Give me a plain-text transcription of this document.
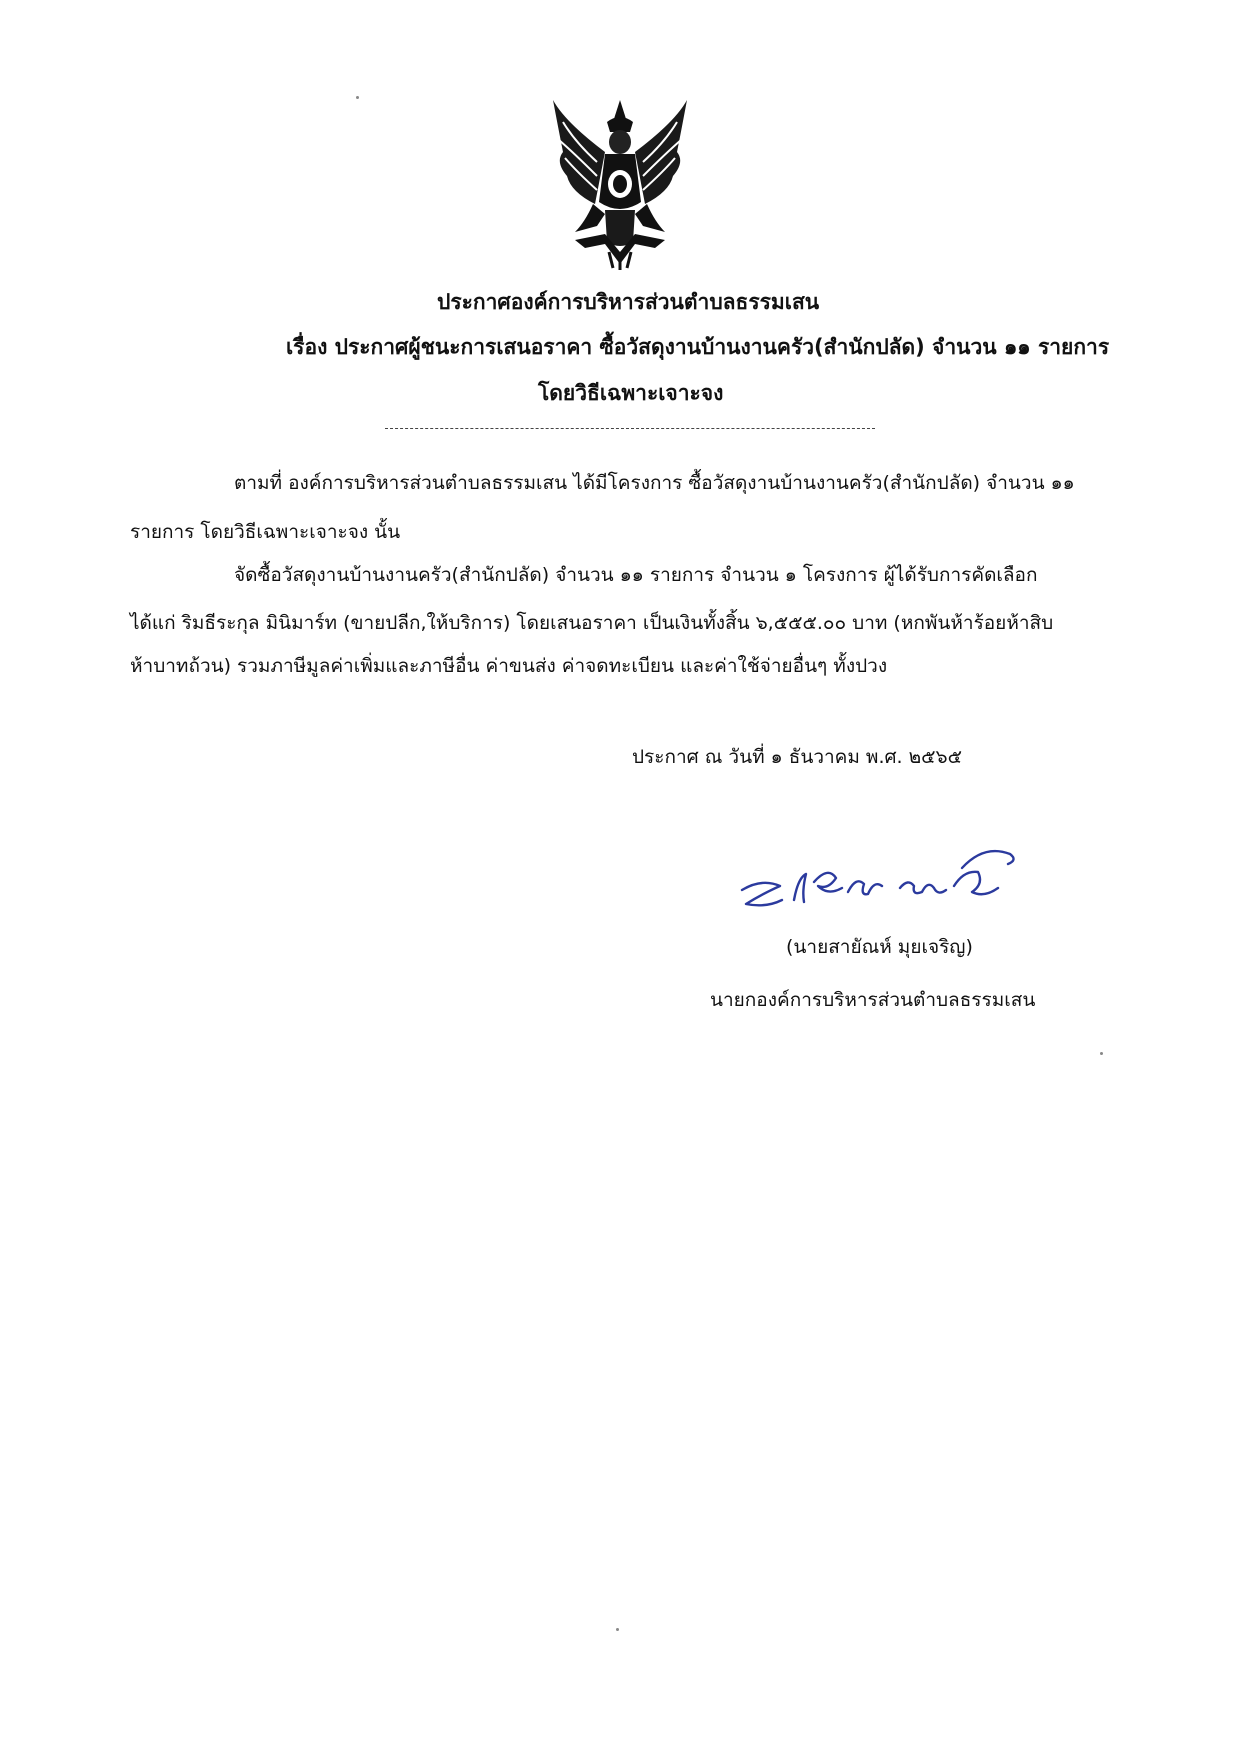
ประกาศองค์การบริหารส่วนตำบลธรรมเสน
เรื่อง ประกาศผู้ชนะการเสนอราคา ซื้อวัสดุงานบ้านงานครัว(สำนักปลัด) จำนวน ๑๑ รายการ
โดยวิธีเฉพาะเจาะจง
ตามที่ องค์การบริหารส่วนตำบลธรรมเสน ได้มีโครงการ ซื้อวัสดุงานบ้านงานครัว(สำนักปลัด) จำนวน ๑๑
รายการ โดยวิธีเฉพาะเจาะจง นั้น
จัดซื้อวัสดุงานบ้านงานครัว(สำนักปลัด) จำนวน ๑๑ รายการ จำนวน ๑ โครงการ ผู้ได้รับการคัดเลือก
ได้แก่ ริมธีระกุล มินิมาร์ท (ขายปลีก,ให้บริการ) โดยเสนอราคา เป็นเงินทั้งสิ้น ๖,๕๕๕.๐๐ บาท (หกพันห้าร้อยห้าสิบ
ห้าบาทถ้วน) รวมภาษีมูลค่าเพิ่มและภาษีอื่น ค่าขนส่ง ค่าจดทะเบียน และค่าใช้จ่ายอื่นๆ ทั้งปวง
ประกาศ ณ วันที่ ๑ ธันวาคม พ.ศ. ๒๕๖๕
(นายสายัณห์ มุยเจริญ)
นายกองค์การบริหารส่วนตำบลธรรมเสน
